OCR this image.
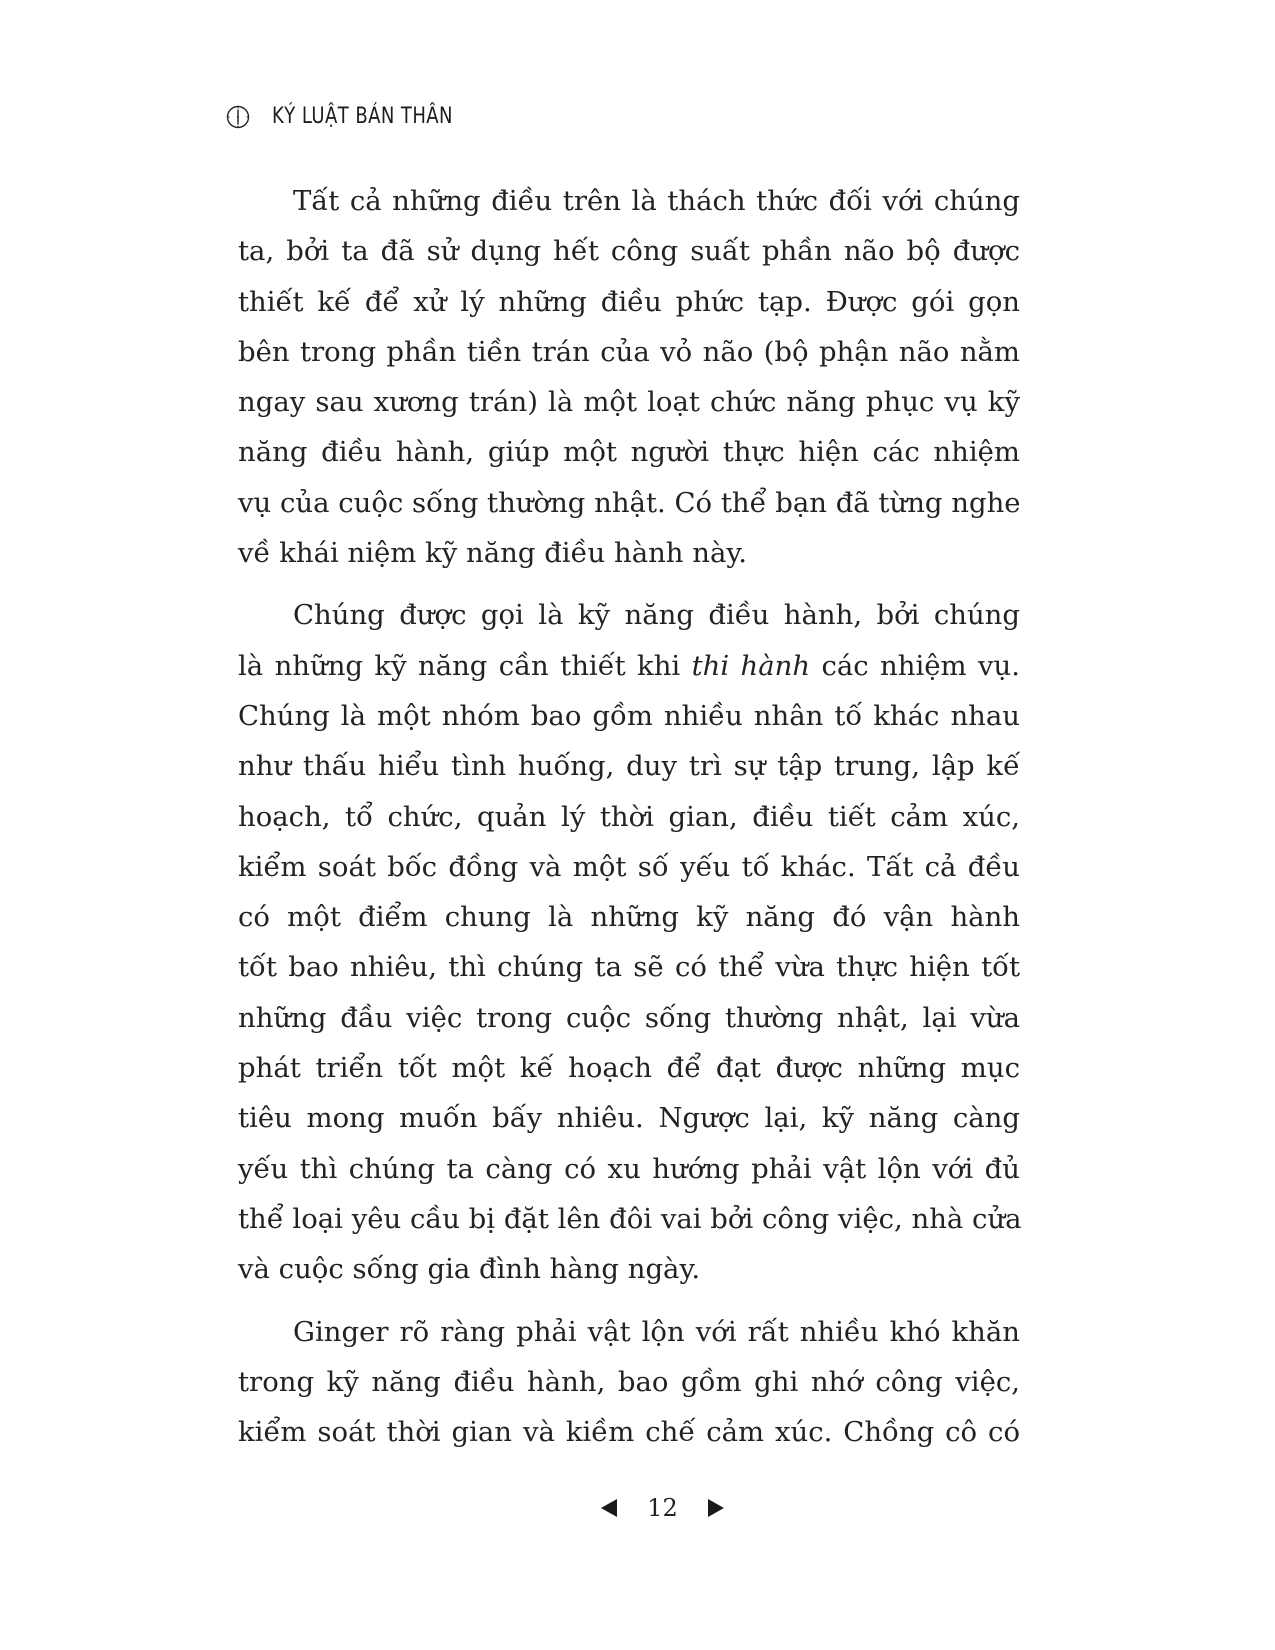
KỶ LUẬT BẢN THÂN
Tất cả những điều trên là thách thức đối với chúng
ta, bởi ta đã sử dụng hết công suất phần não bộ được
thiết kế để xử lý những điều phức tạp. Được gói gọn
bên trong phần tiền trán của vỏ não (bộ phận não nằm
ngay sau xương trán) là một loạt chức năng phục vụ kỹ
năng điều hành, giúp một người thực hiện các nhiệm
vụ của cuộc sống thường nhật. Có thể bạn đã từng nghe
về khái niệm kỹ năng điều hành này.
Chúng được gọi là kỹ năng điều hành, bởi chúng
là những kỹ năng cần thiết khi thi hành các nhiệm vụ.
Chúng là một nhóm bao gồm nhiều nhân tố khác nhau
như thấu hiểu tình huống, duy trì sự tập trung, lập kế
hoạch, tổ chức, quản lý thời gian, điều tiết cảm xúc,
kiểm soát bốc đồng và một số yếu tố khác. Tất cả đều
có một điểm chung là những kỹ năng đó vận hành
tốt bao nhiêu, thì chúng ta sẽ có thể vừa thực hiện tốt
những đầu việc trong cuộc sống thường nhật, lại vừa
phát triển tốt một kế hoạch để đạt được những mục
tiêu mong muốn bấy nhiêu. Ngược lại, kỹ năng càng
yếu thì chúng ta càng có xu hướng phải vật lộn với đủ
thể loại yêu cầu bị đặt lên đôi vai bởi công việc, nhà cửa
và cuộc sống gia đình hàng ngày.
Ginger rõ ràng phải vật lộn với rất nhiều khó khăn
trong kỹ năng điều hành, bao gồm ghi nhớ công việc,
kiểm soát thời gian và kiềm chế cảm xúc. Chồng cô có
12
